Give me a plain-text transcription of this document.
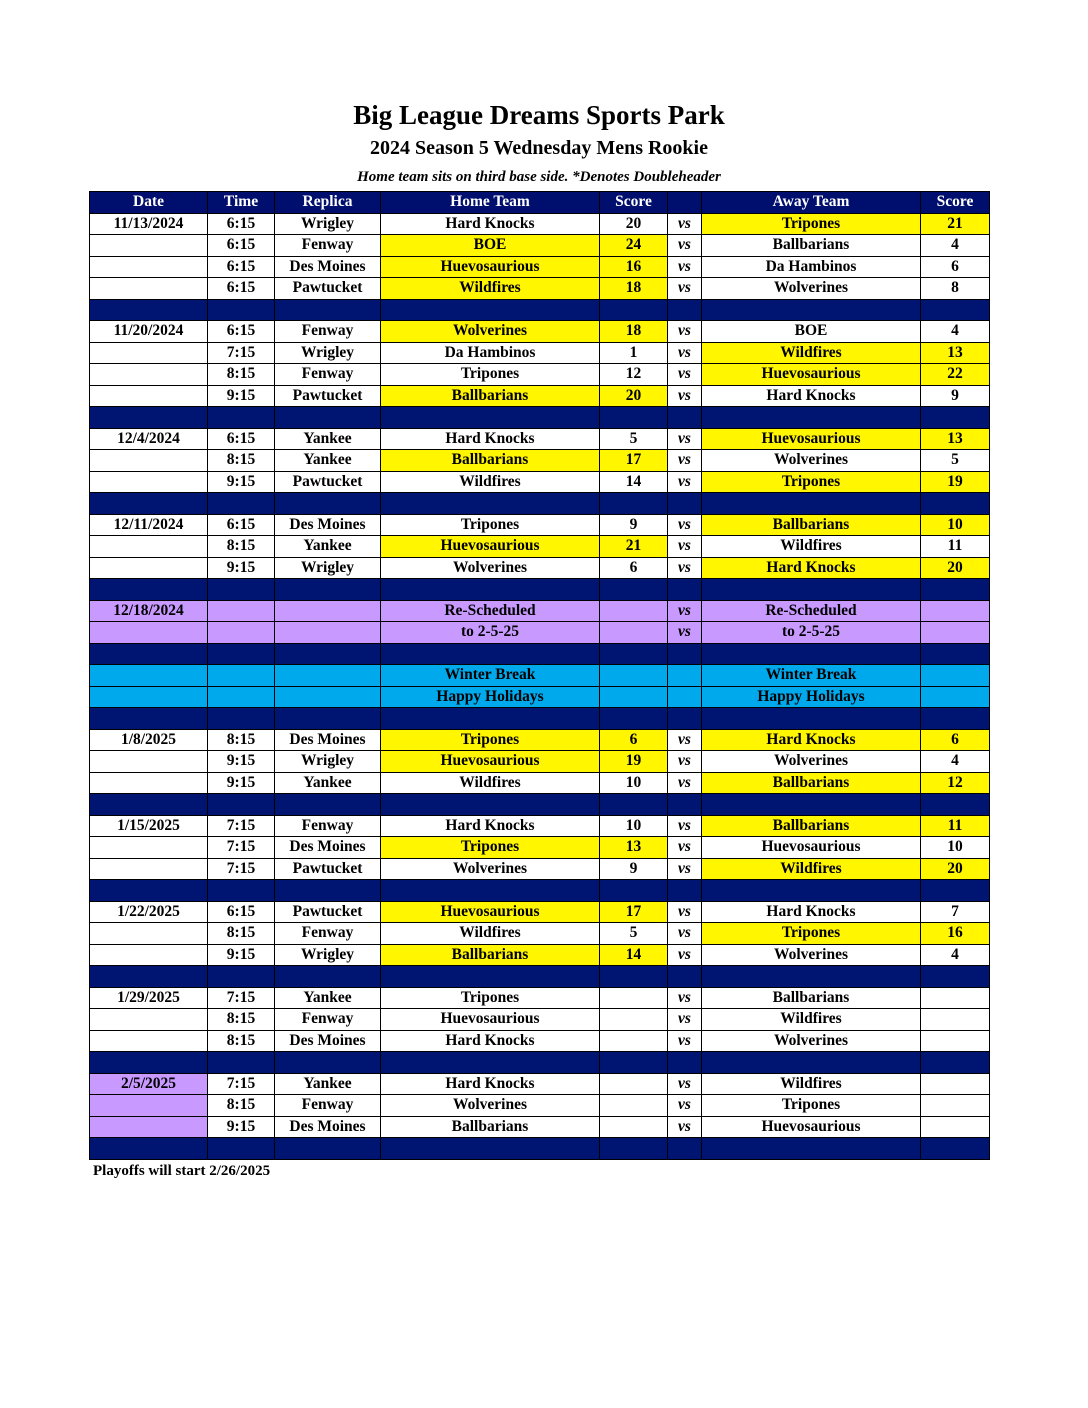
Big League Dreams Sports Park
2024 Season 5 Wednesday Mens Rookie
Home team sits on third base side. *Denotes Doubleheader
Date	Time	Replica	Home Team	Score		Away Team	Score
11/13/2024	6:15	Wrigley	Hard Knocks	20	vs	Tripones	21
	6:15	Fenway	BOE	24	vs	Ballbarians	4
	6:15	Des Moines	Huevosaurious	16	vs	Da Hambinos	6
	6:15	Pawtucket	Wildfires	18	vs	Wolverines	8

11/20/2024	6:15	Fenway	Wolverines	18	vs	BOE	4
	7:15	Wrigley	Da Hambinos	1	vs	Wildfires	13
	8:15	Fenway	Tripones	12	vs	Huevosaurious	22
	9:15	Pawtucket	Ballbarians	20	vs	Hard Knocks	9

12/4/2024	6:15	Yankee	Hard Knocks	5	vs	Huevosaurious	13
	8:15	Yankee	Ballbarians	17	vs	Wolverines	5
	9:15	Pawtucket	Wildfires	14	vs	Tripones	19

12/11/2024	6:15	Des Moines	Tripones	9	vs	Ballbarians	10
	8:15	Yankee	Huevosaurious	21	vs	Wildfires	11
	9:15	Wrigley	Wolverines	6	vs	Hard Knocks	20

12/18/2024			Re-Scheduled		vs	Re-Scheduled	
			to 2-5-25		vs	to 2-5-25	

			Winter Break			Winter Break	
			Happy Holidays			Happy Holidays	

1/8/2025	8:15	Des Moines	Tripones	6	vs	Hard Knocks	6
	9:15	Wrigley	Huevosaurious	19	vs	Wolverines	4
	9:15	Yankee	Wildfires	10	vs	Ballbarians	12

1/15/2025	7:15	Fenway	Hard Knocks	10	vs	Ballbarians	11
	7:15	Des Moines	Tripones	13	vs	Huevosaurious	10
	7:15	Pawtucket	Wolverines	9	vs	Wildfires	20

1/22/2025	6:15	Pawtucket	Huevosaurious	17	vs	Hard Knocks	7
	8:15	Fenway	Wildfires	5	vs	Tripones	16
	9:15	Wrigley	Ballbarians	14	vs	Wolverines	4

1/29/2025	7:15	Yankee	Tripones		vs	Ballbarians	
	8:15	Fenway	Huevosaurious		vs	Wildfires	
	8:15	Des Moines	Hard Knocks		vs	Wolverines	

2/5/2025	7:15	Yankee	Hard Knocks		vs	Wildfires	
	8:15	Fenway	Wolverines		vs	Tripones	
	9:15	Des Moines	Ballbarians		vs	Huevosaurious	

Playoffs will start 2/26/2025
